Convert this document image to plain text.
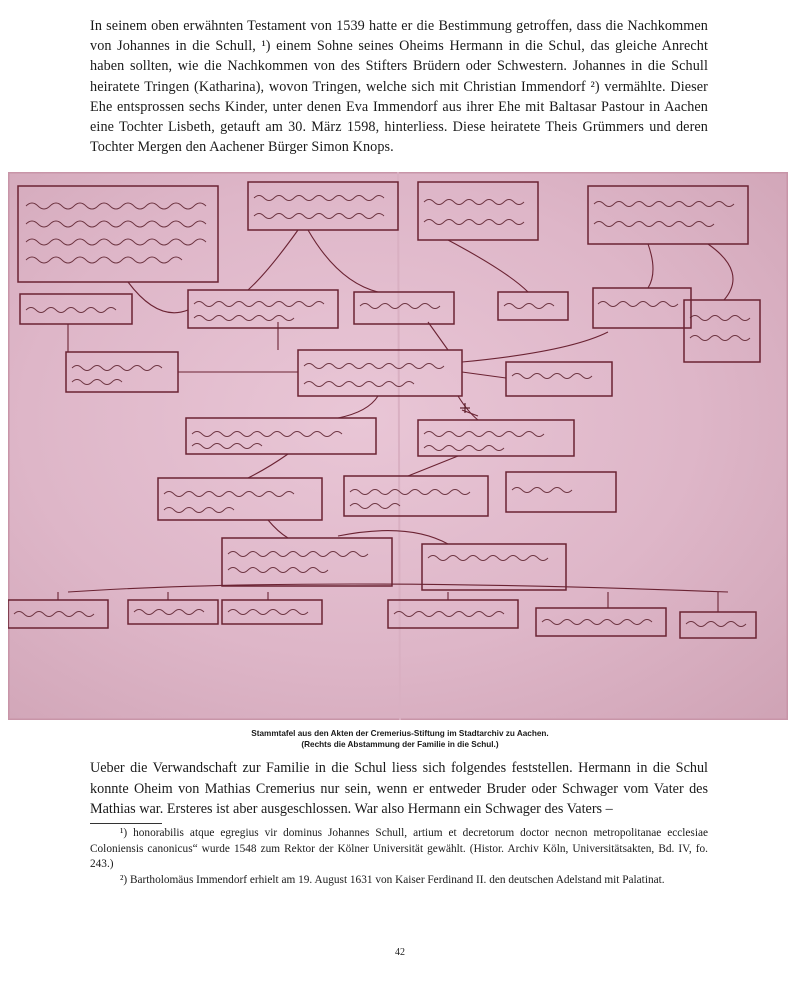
In seinem oben erwähnten Testament von 1539 hatte er die Bestimmung getroffen, dass die Nachkommen von Johannes in die Schull, ¹) einem Sohne seines Oheims Hermann in die Schul, das gleiche Anrecht haben sollten, wie die Nachkommen von des Stifters Brüdern oder Schwestern. Johannes in die Schull heiratete Tringen (Katharina), wovon Tringen, welche sich mit Christian Immendorf ²) vermählte. Dieser Ehe entsprossen sechs Kinder, unter denen Eva Immendorf aus ihrer Ehe mit Baltasar Pastour in Aachen eine Tochter Lisbeth, getauft am 30. März 1598, hinterliess. Diese heiratete Theis Grümmers und deren Tochter Mergen den Aachener Bürger Simon Knops.

Stammtafel aus den Akten der Cremerius-Stiftung im Stadtarchiv zu Aachen.
(Rechts die Abstammung der Familie in die Schul.)

Ueber die Verwandschaft zur Familie in die Schul liess sich folgendes feststellen. Hermann in die Schul konnte Oheim von Mathias Cremerius nur sein, wenn er entweder Bruder oder Schwager vom Vater des Mathias war. Ersteres ist aber ausgeschlossen. War also Hermann ein Schwager des Vaters –

¹) honorabilis atque egregius vir dominus Johannes Schull, artium et decretorum doctor necnon metropolitanae ecclesiae Coloniensis canonicus“ wurde 1548 zum Rektor der Kölner Universität gewählt. (Histor. Archiv Köln, Universitätsakten, Bd. IV, fo. 243.)

²) Bartholomäus Immendorf erhielt am 19. August 1631 von Kaiser Ferdinand II. den deutschen Adelstand mit Palatinat.

42
